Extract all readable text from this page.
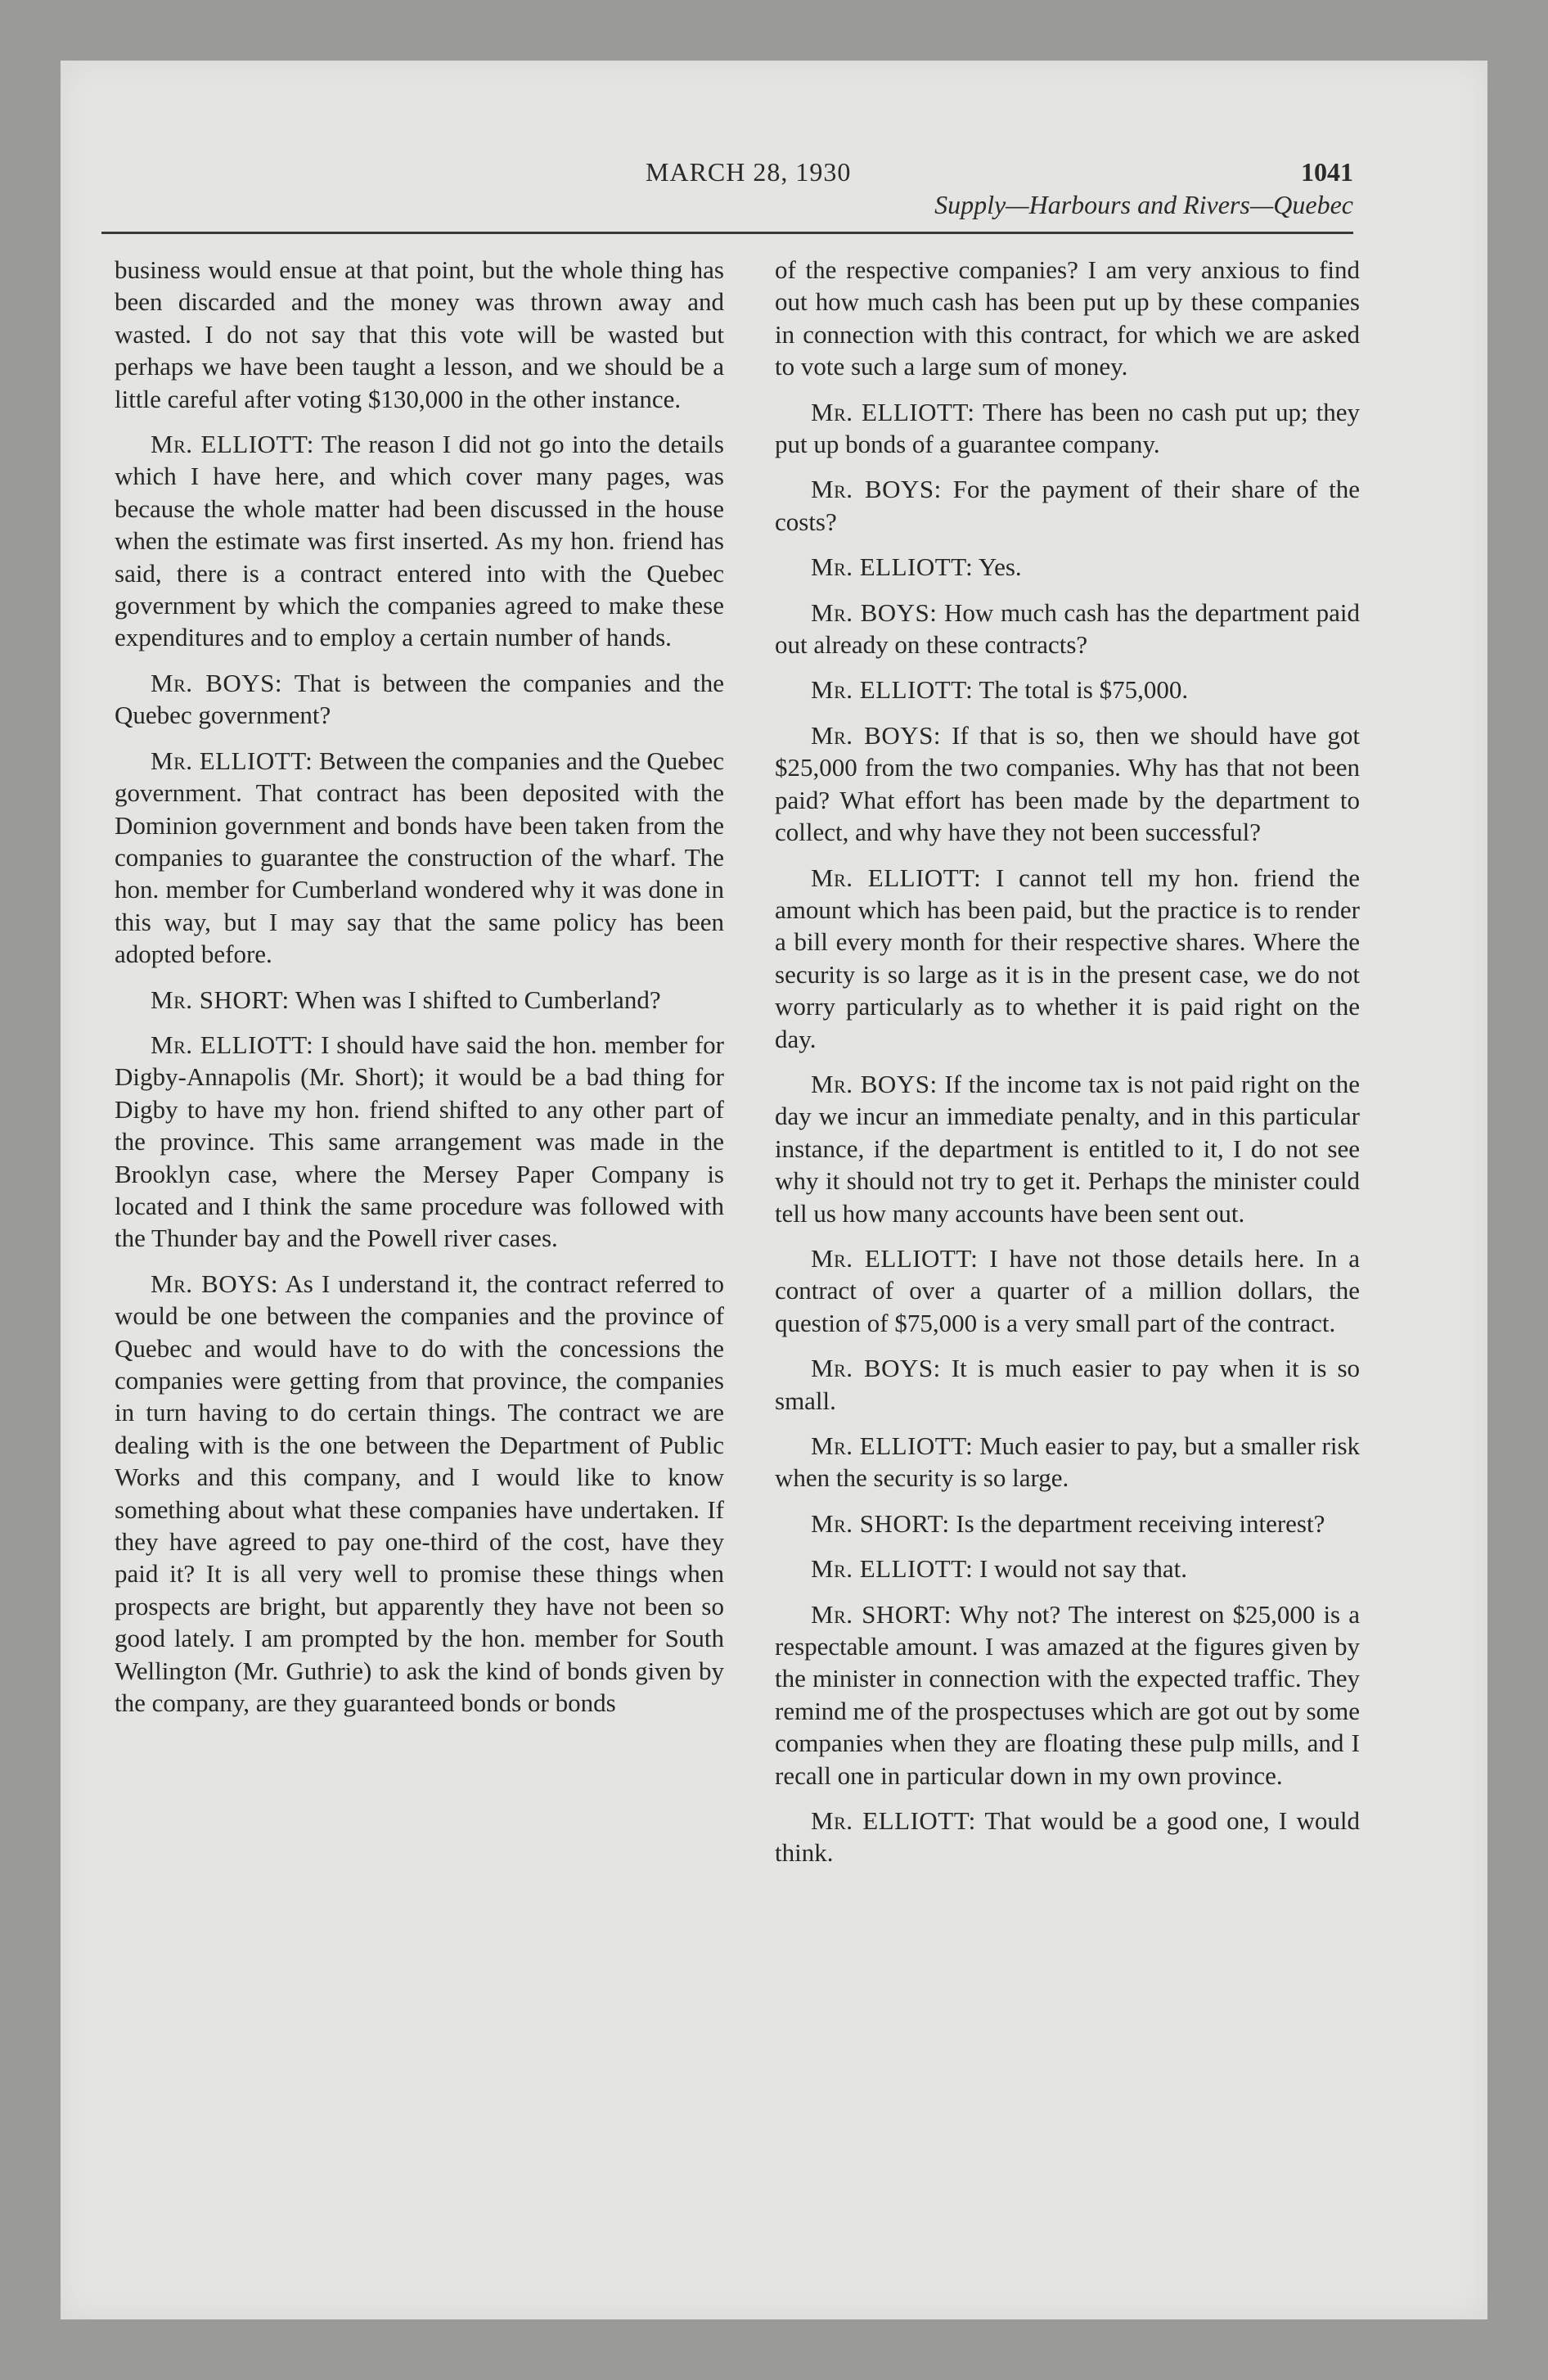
MARCH 28, 1930	1041
Supply—Harbours and Rivers—Quebec

business would ensue at that point, but the whole thing has been discarded and the money was thrown away and wasted. I do not say that this vote will be wasted but perhaps we have been taught a lesson, and we should be a little careful after voting $130,000 in the other instance.

Mr. ELLIOTT: The reason I did not go into the details which I have here, and which cover many pages, was because the whole matter had been discussed in the house when the estimate was first inserted. As my hon. friend has said, there is a contract entered into with the Quebec government by which the companies agreed to make these expenditures and to employ a certain number of hands.

Mr. BOYS: That is between the companies and the Quebec government?

Mr. ELLIOTT: Between the companies and the Quebec government. That contract has been deposited with the Dominion government and bonds have been taken from the companies to guarantee the construction of the wharf. The hon. member for Cumberland wondered why it was done in this way, but I may say that the same policy has been adopted before.

Mr. SHORT: When was I shifted to Cumberland?

Mr. ELLIOTT: I should have said the hon. member for Digby-Annapolis (Mr. Short); it would be a bad thing for Digby to have my hon. friend shifted to any other part of the province. This same arrangement was made in the Brooklyn case, where the Mersey Paper Company is located and I think the same procedure was followed with the Thunder bay and the Powell river cases.

Mr. BOYS: As I understand it, the contract referred to would be one between the companies and the province of Quebec and would have to do with the concessions the companies were getting from that province, the companies in turn having to do certain things. The contract we are dealing with is the one between the Department of Public Works and this company, and I would like to know something about what these companies have undertaken. If they have agreed to pay one-third of the cost, have they paid it? It is all very well to promise these things when prospects are bright, but apparently they have not been so good lately. I am prompted by the hon. member for South Wellington (Mr. Guthrie) to ask the kind of bonds given by the company, are they guaranteed bonds or bonds

of the respective companies? I am very anxious to find out how much cash has been put up by these companies in connection with this contract, for which we are asked to vote such a large sum of money.

Mr. ELLIOTT: There has been no cash put up; they put up bonds of a guarantee company.

Mr. BOYS: For the payment of their share of the costs?

Mr. ELLIOTT: Yes.

Mr. BOYS: How much cash has the department paid out already on these contracts?

Mr. ELLIOTT: The total is $75,000.

Mr. BOYS: If that is so, then we should have got $25,000 from the two companies. Why has that not been paid? What effort has been made by the department to collect, and why have they not been successful?

Mr. ELLIOTT: I cannot tell my hon. friend the amount which has been paid, but the practice is to render a bill every month for their respective shares. Where the security is so large as it is in the present case, we do not worry particularly as to whether it is paid right on the day.

Mr. BOYS: If the income tax is not paid right on the day we incur an immediate penalty, and in this particular instance, if the department is entitled to it, I do not see why it should not try to get it. Perhaps the minister could tell us how many accounts have been sent out.

Mr. ELLIOTT: I have not those details here. In a contract of over a quarter of a million dollars, the question of $75,000 is a very small part of the contract.

Mr. BOYS: It is much easier to pay when it is so small.

Mr. ELLIOTT: Much easier to pay, but a smaller risk when the security is so large.

Mr. SHORT: Is the department receiving interest?

Mr. ELLIOTT: I would not say that.

Mr. SHORT: Why not? The interest on $25,000 is a respectable amount. I was amazed at the figures given by the minister in connection with the expected traffic. They remind me of the prospectuses which are got out by some companies when they are floating these pulp mills, and I recall one in particular down in my own province.

Mr. ELLIOTT: That would be a good one, I would think.
